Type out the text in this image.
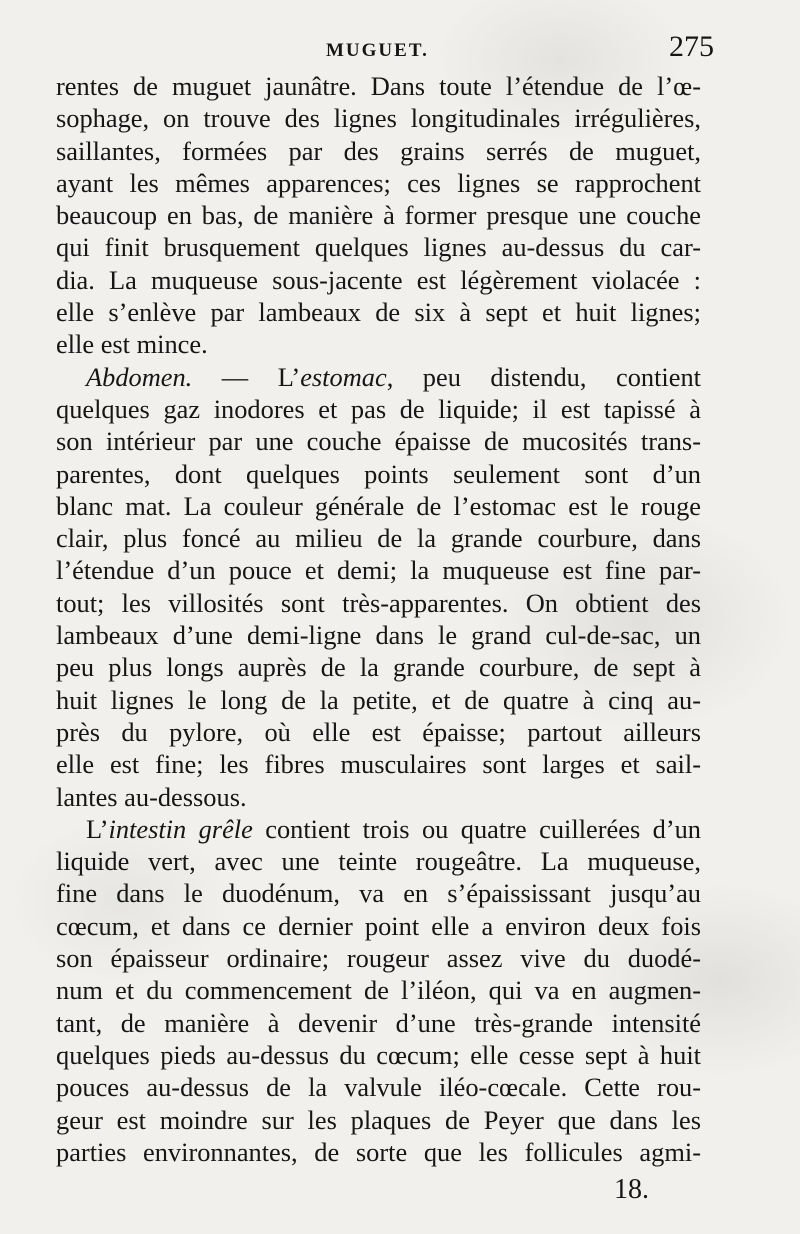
MUGUET.	275
rentes de muguet jaunâtre. Dans toute l’étendue de l’œ-
sophage, on trouve des lignes longitudinales irrégulières,
saillantes, formées par des grains serrés de muguet,
ayant les mêmes apparences; ces lignes se rapprochent
beaucoup en bas, de manière à former presque une couche
qui finit brusquement quelques lignes au-dessus du car-
dia. La muqueuse sous-jacente est légèrement violacée :
elle s’enlève par lambeaux de six à sept et huit lignes;
elle est mince.
Abdomen. — L’estomac, peu distendu, contient
quelques gaz inodores et pas de liquide; il est tapissé à
son intérieur par une couche épaisse de mucosités trans-
parentes, dont quelques points seulement sont d’un
blanc mat. La couleur générale de l’estomac est le rouge
clair, plus foncé au milieu de la grande courbure, dans
l’étendue d’un pouce et demi; la muqueuse est fine par-
tout; les villosités sont très-apparentes. On obtient des
lambeaux d’une demi-ligne dans le grand cul-de-sac, un
peu plus longs auprès de la grande courbure, de sept à
huit lignes le long de la petite, et de quatre à cinq au-
près du pylore, où elle est épaisse; partout ailleurs
elle est fine; les fibres musculaires sont larges et sail-
lantes au-dessous.
L’intestin grêle contient trois ou quatre cuillerées d’un
liquide vert, avec une teinte rougeâtre. La muqueuse,
fine dans le duodénum, va en s’épaississant jusqu’au
cœcum, et dans ce dernier point elle a environ deux fois
son épaisseur ordinaire; rougeur assez vive du duodé-
num et du commencement de l’iléon, qui va en augmen-
tant, de manière à devenir d’une très-grande intensité
quelques pieds au-dessus du cœcum; elle cesse sept à huit
pouces au-dessus de la valvule iléo-cœcale. Cette rou-
geur est moindre sur les plaques de Peyer que dans les
parties environnantes, de sorte que les follicules agmi-
18.
